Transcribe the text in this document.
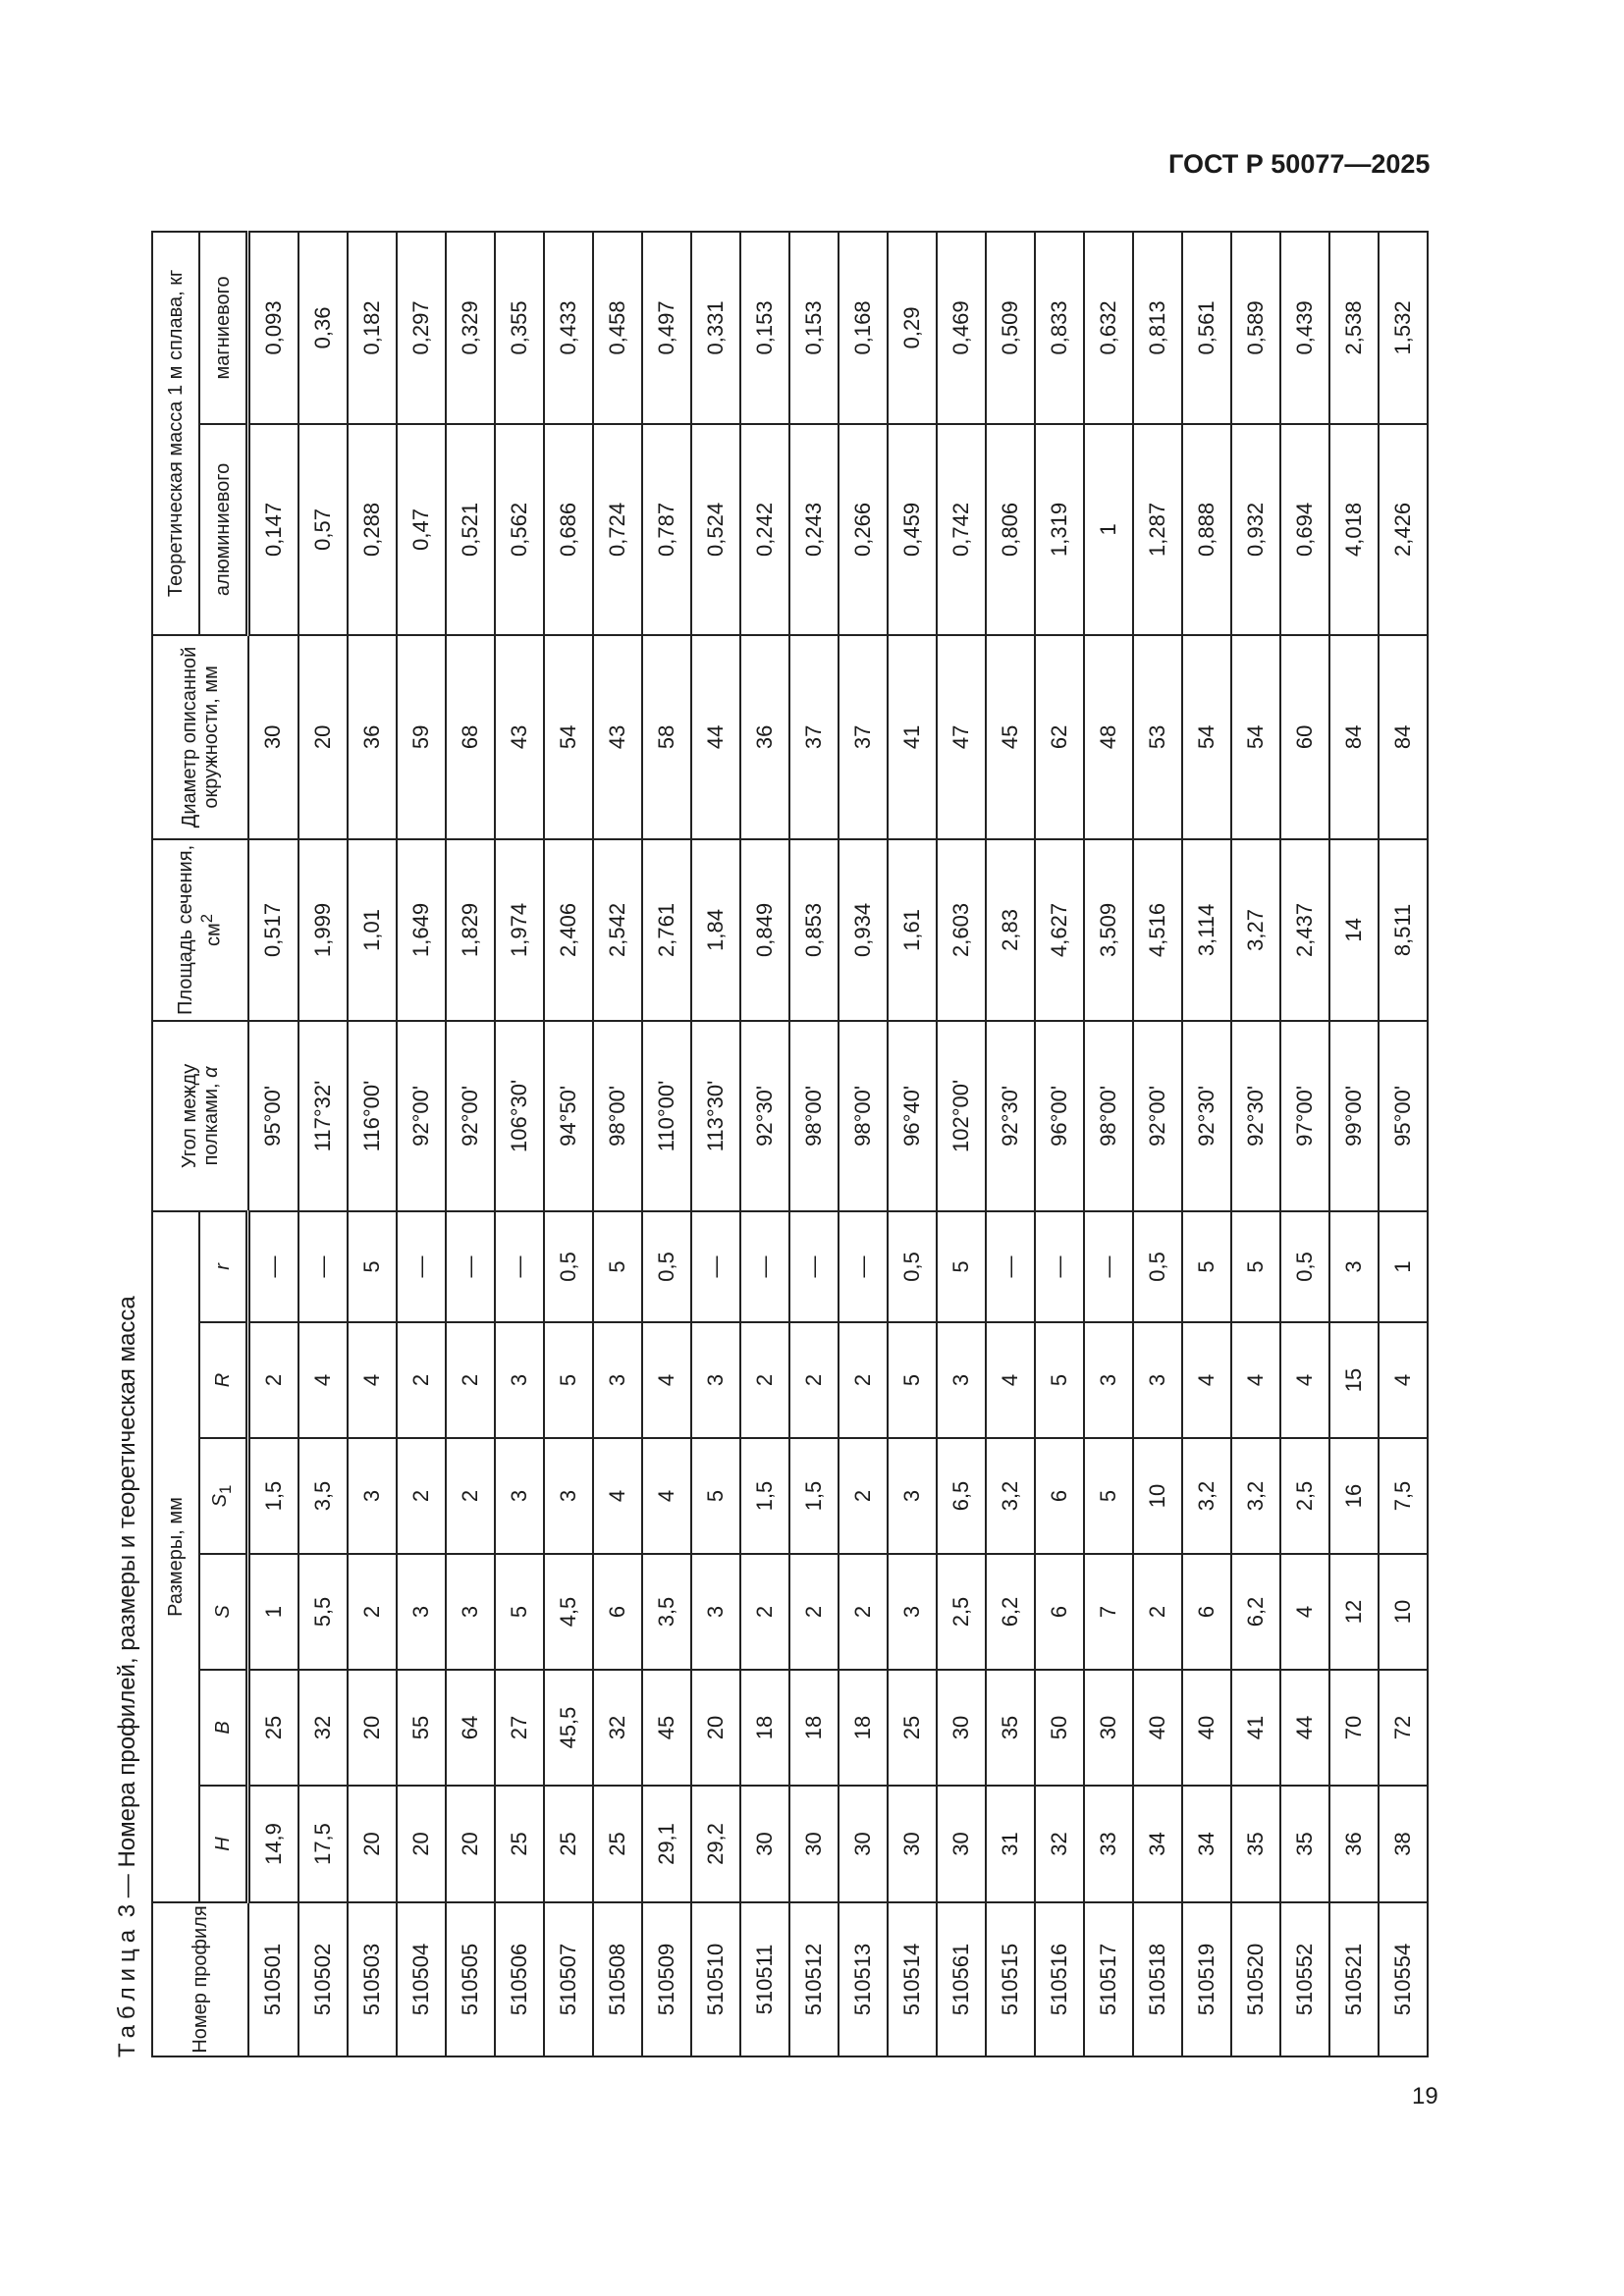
ГОСТ Р 50077—2025
Таблица 3 — Номера профилей, размеры и теоретическая масса
Номер профиля	Размеры, мм						Угол между полками, α	Площадь сечения, $см^2$	Диаметр описанной окружности, мм	Теоретическая масса 1 м сплава, кг	
	H	B	S	$S_1$	R	r				алюминиевого	магниевого
510501	14,9	25	1	1,5	2	—	95°00'	0,517	30	0,147	0,093
510502	17,5	32	5,5	3,5	4	—	117°32'	1,999	20	0,57	0,36
510503	20	20	2	3	4	5	116°00'	1,01	36	0,288	0,182
510504	20	55	3	2	2	—	92°00'	1,649	59	0,47	0,297
510505	20	64	3	2	2	—	92°00'	1,829	68	0,521	0,329
510506	25	27	5	3	3	—	106°30'	1,974	43	0,562	0,355
510507	25	45,5	4,5	3	5	0,5	94°50'	2,406	54	0,686	0,433
510508	25	32	6	4	3	5	98°00'	2,542	43	0,724	0,458
510509	29,1	45	3,5	4	4	0,5	110°00'	2,761	58	0,787	0,497
510510	29,2	20	3	5	3	—	113°30'	1,84	44	0,524	0,331
510511	30	18	2	1,5	2	—	92°30'	0,849	36	0,242	0,153
510512	30	18	2	1,5	2	—	98°00'	0,853	37	0,243	0,153
510513	30	18	2	2	2	—	98°00'	0,934	37	0,266	0,168
510514	30	25	3	3	5	0,5	96°40'	1,61	41	0,459	0,29
510561	30	30	2,5	6,5	3	5	102°00'	2,603	47	0,742	0,469
510515	31	35	6,2	3,2	4	—	92°30'	2,83	45	0,806	0,509
510516	32	50	6	6	5	—	96°00'	4,627	62	1,319	0,833
510517	33	30	7	5	3	—	98°00'	3,509	48	1	0,632
510518	34	40	2	10	3	0,5	92°00'	4,516	53	1,287	0,813
510519	34	40	6	3,2	4	5	92°30'	3,114	54	0,888	0,561
510520	35	41	6,2	3,2	4	5	92°30'	3,27	54	0,932	0,589
510552	35	44	4	2,5	4	0,5	97°00'	2,437	60	0,694	0,439
510521	36	70	12	16	15	3	99°00'	14	84	4,018	2,538
510554	38	72	10	7,5	4	1	95°00'	8,511	84	2,426	1,532
19
